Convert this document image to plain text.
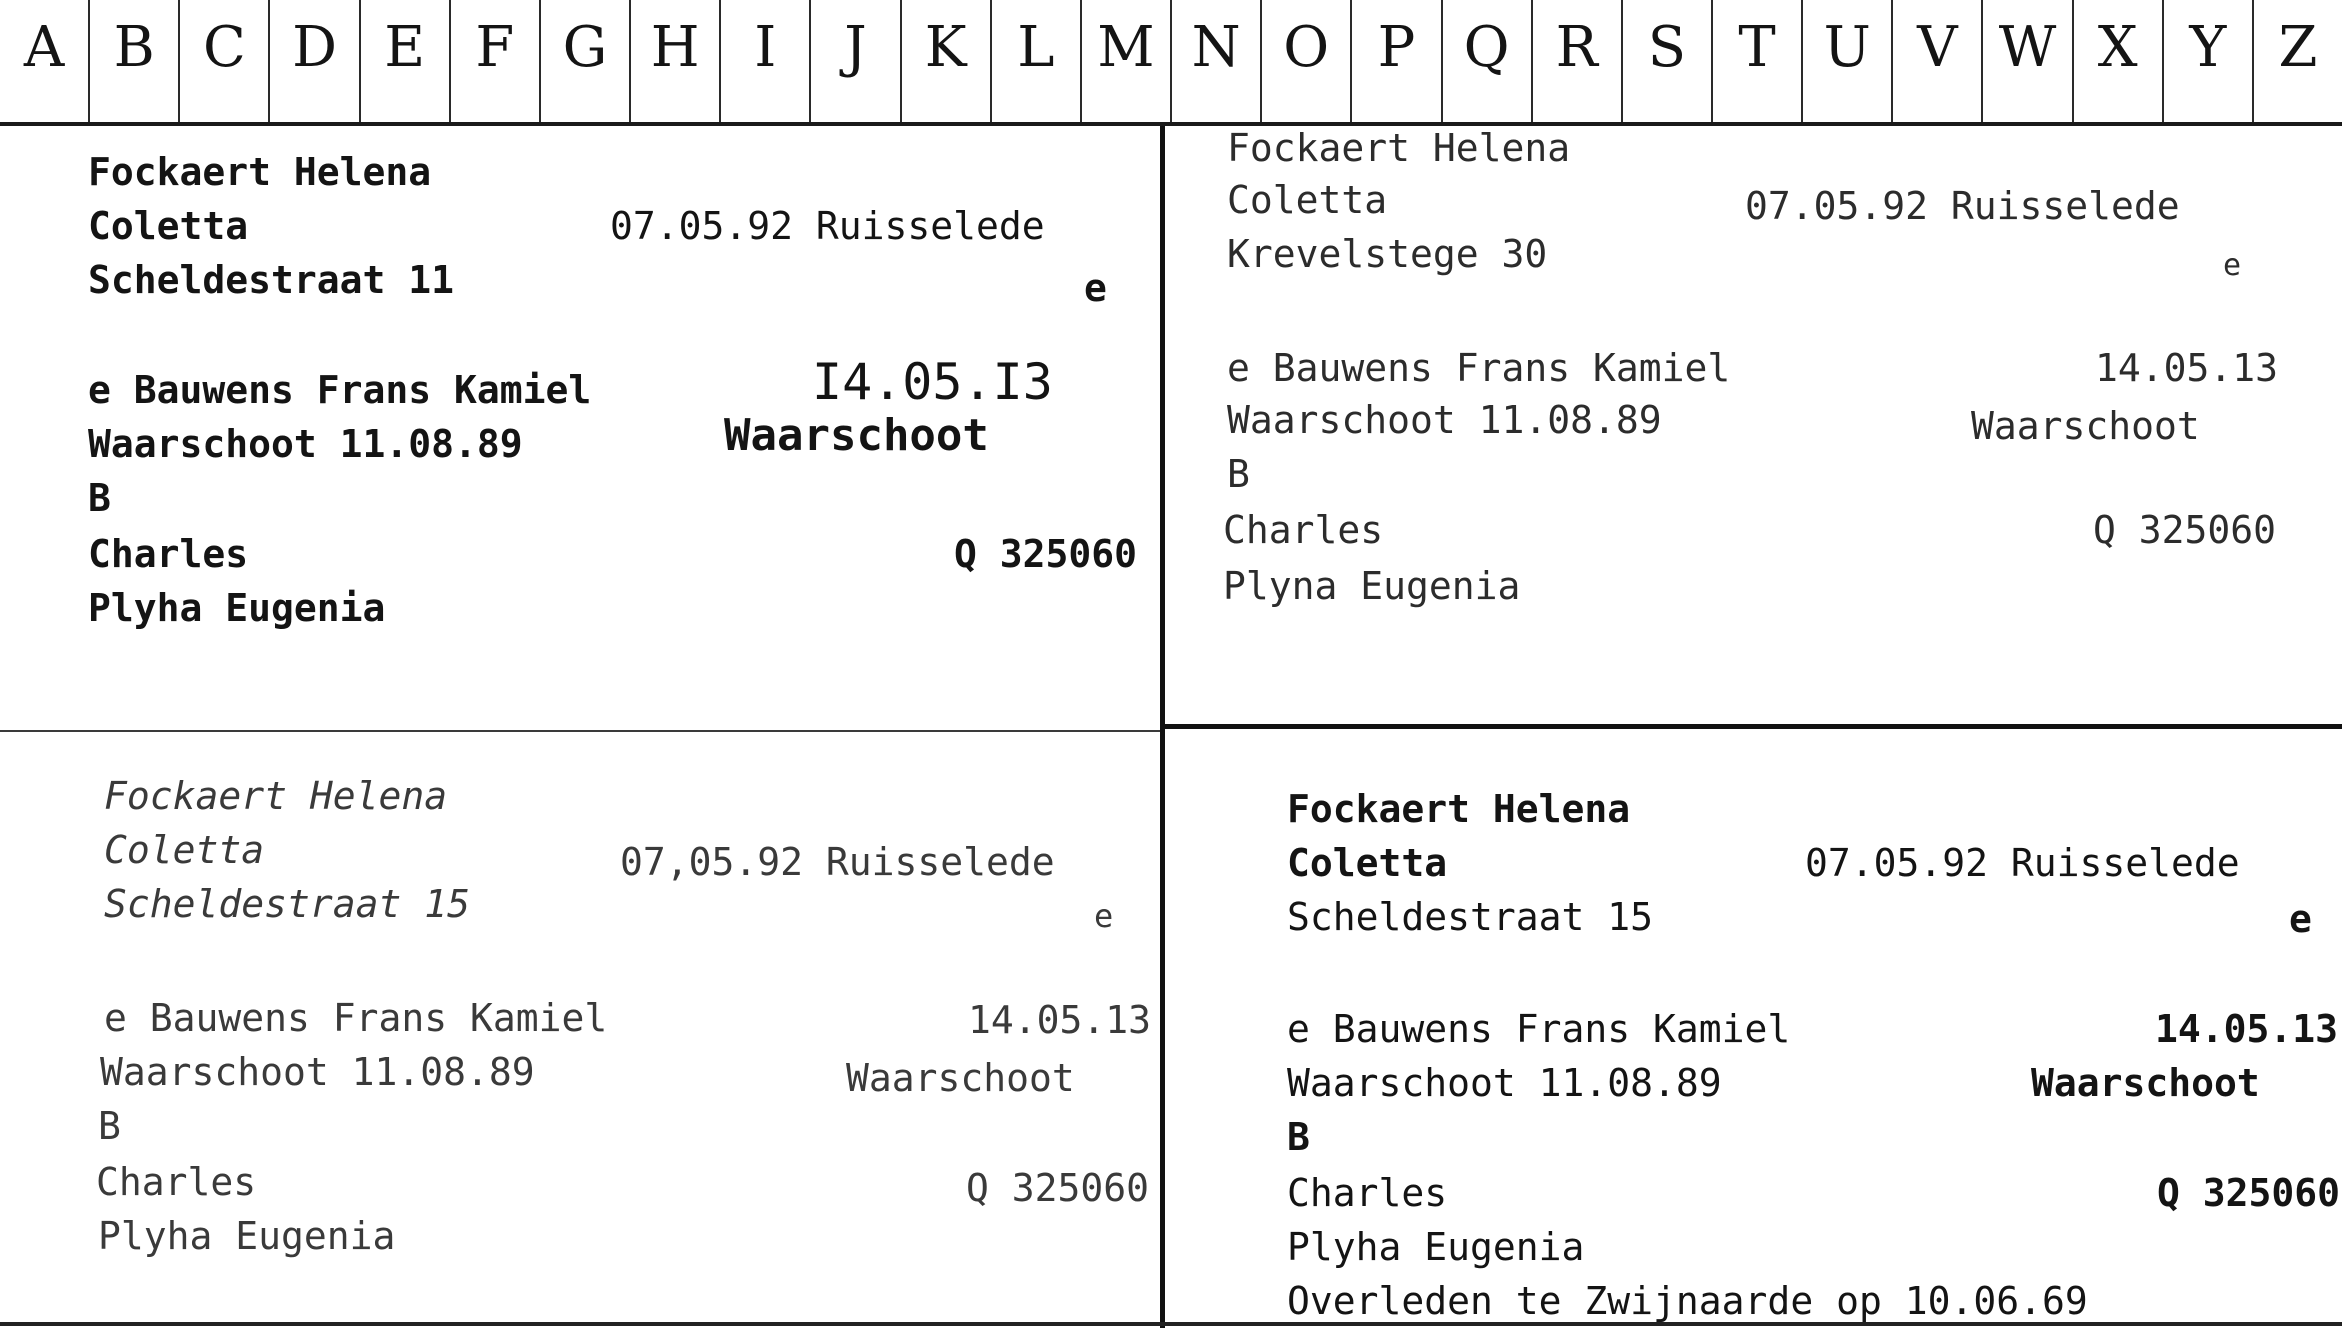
A B C D E F G H I	J	K L M N O P Q R S T U V W X Y Z
Fockaert Helena
Coletta	07.05.92 Ruisselede
Scheldestraat 11	e
e Bauwens Frans Kamiel	I4.05.I3
Waarschoot 11.08.89	Waarschoot
B
Charles	Q 325060
Plyha Eugenia
Fockaert Helena
Coletta	07.05.92 Ruisselede
Krevelstege 30	e
e Bauwens Frans Kamiel	14.05.13
Waarschoot 11.08.89	Waarschoot
B
Charles	Q 325060
Plyna Eugenia
Fockaert Helena
Coletta	07,05.92 Ruisselede
Scheldestraat 15	e
e Bauwens Frans Kamiel	14.05.13
Waarschoot 11.08.89	Waarschoot
B
Charles	Q 325060
Plyha Eugenia
Fockaert Helena
Coletta	07.05.92 Ruisselede
Scheldestraat 15	e
e Bauwens Frans Kamiel	14.05.13
Waarschoot 11.08.89	Waarschoot
B
Charles	Q 325060
Plyha Eugenia
Overleden te Zwijnaarde op 10.06.69
